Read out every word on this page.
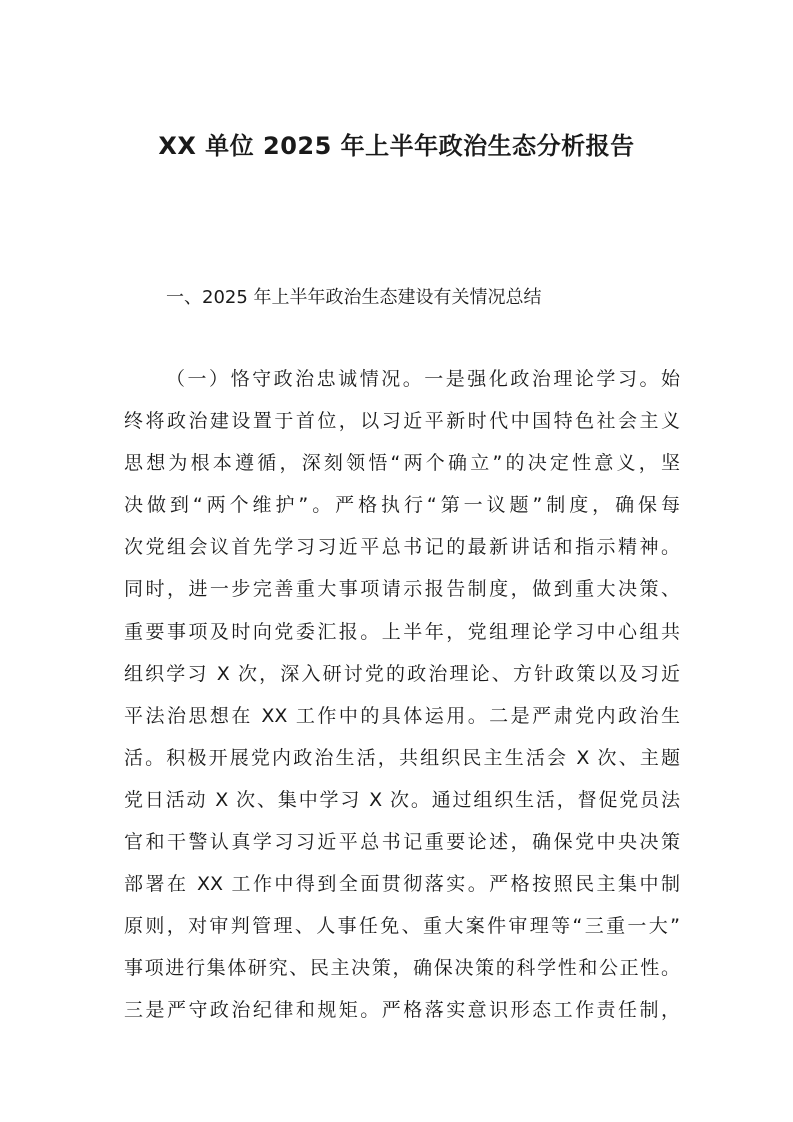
XX 单位 2025 年上半年政治生态分析报告

一、2025 年上半年政治生态建设有关情况总结

（一）恪守政治忠诚情况。一是强化政治理论学习。始
终将政治建设置于首位，以习近平新时代中国特色社会主义
思想为根本遵循，深刻领悟“两个确立”的决定性意义，坚
决做到“两个维护”。严格执行“第一议题”制度，确保每
次党组会议首先学习习近平总书记的最新讲话和指示精神。
同时，进一步完善重大事项请示报告制度，做到重大决策、
重要事项及时向党委汇报。上半年，党组理论学习中心组共
组织学习 X 次，深入研讨党的政治理论、方针政策以及习近
平法治思想在 XX 工作中的具体运用。二是严肃党内政治生
活。积极开展党内政治生活，共组织民主生活会 X 次、主题
党日活动 X 次、集中学习 X 次。通过组织生活，督促党员法
官和干警认真学习习近平总书记重要论述，确保党中央决策
部署在 XX 工作中得到全面贯彻落实。严格按照民主集中制
原则，对审判管理、人事任免、重大案件审理等“三重一大”
事项进行集体研究、民主决策，确保决策的科学性和公正性。
三是严守政治纪律和规矩。严格落实意识形态工作责任制，
